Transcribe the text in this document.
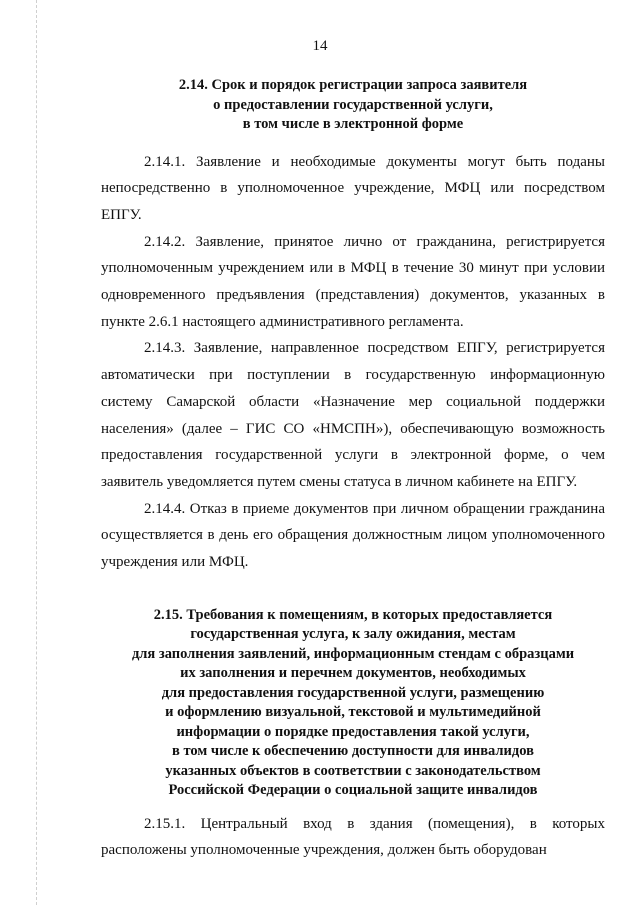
14
2.14. Срок и порядок регистрации запроса заявителя
о предоставлении государственной услуги,
в том числе в электронной форме

2.14.1. Заявление и необходимые документы могут быть поданы непосредственно в уполномоченное учреждение, МФЦ или посредством ЕПГУ.

2.14.2. Заявление, принятое лично от гражданина, регистрируется уполномоченным учреждением или в МФЦ в течение 30 минут при условии одновременного предъявления (представления) документов, указанных в пункте 2.6.1 настоящего административного регламента.

2.14.3. Заявление, направленное посредством ЕПГУ, регистрируется автоматически при поступлении в государственную информационную систему Самарской области «Назначение мер социальной поддержки населения» (далее – ГИС СО «НМСПН»), обеспечивающую возможность предоставления государственной услуги в электронной форме, о чем заявитель уведомляется путем смены статуса в личном кабинете на ЕПГУ.

2.14.4. Отказ в приеме документов при личном обращении гражданина осуществляется в день его обращения должностным лицом уполномоченного учреждения или МФЦ.

2.15. Требования к помещениям, в которых предоставляется
государственная услуга, к залу ожидания, местам
для заполнения заявлений, информационным стендам с образцами
их заполнения и перечнем документов, необходимых
для предоставления государственной услуги, размещению
и оформлению визуальной, текстовой и мультимедийной
информации о порядке предоставления такой услуги,
в том числе к обеспечению доступности для инвалидов
указанных объектов в соответствии с законодательством
Российской Федерации о социальной защите инвалидов

2.15.1. Центральный вход в здания (помещения), в которых расположены уполномоченные учреждения, должен быть оборудован
